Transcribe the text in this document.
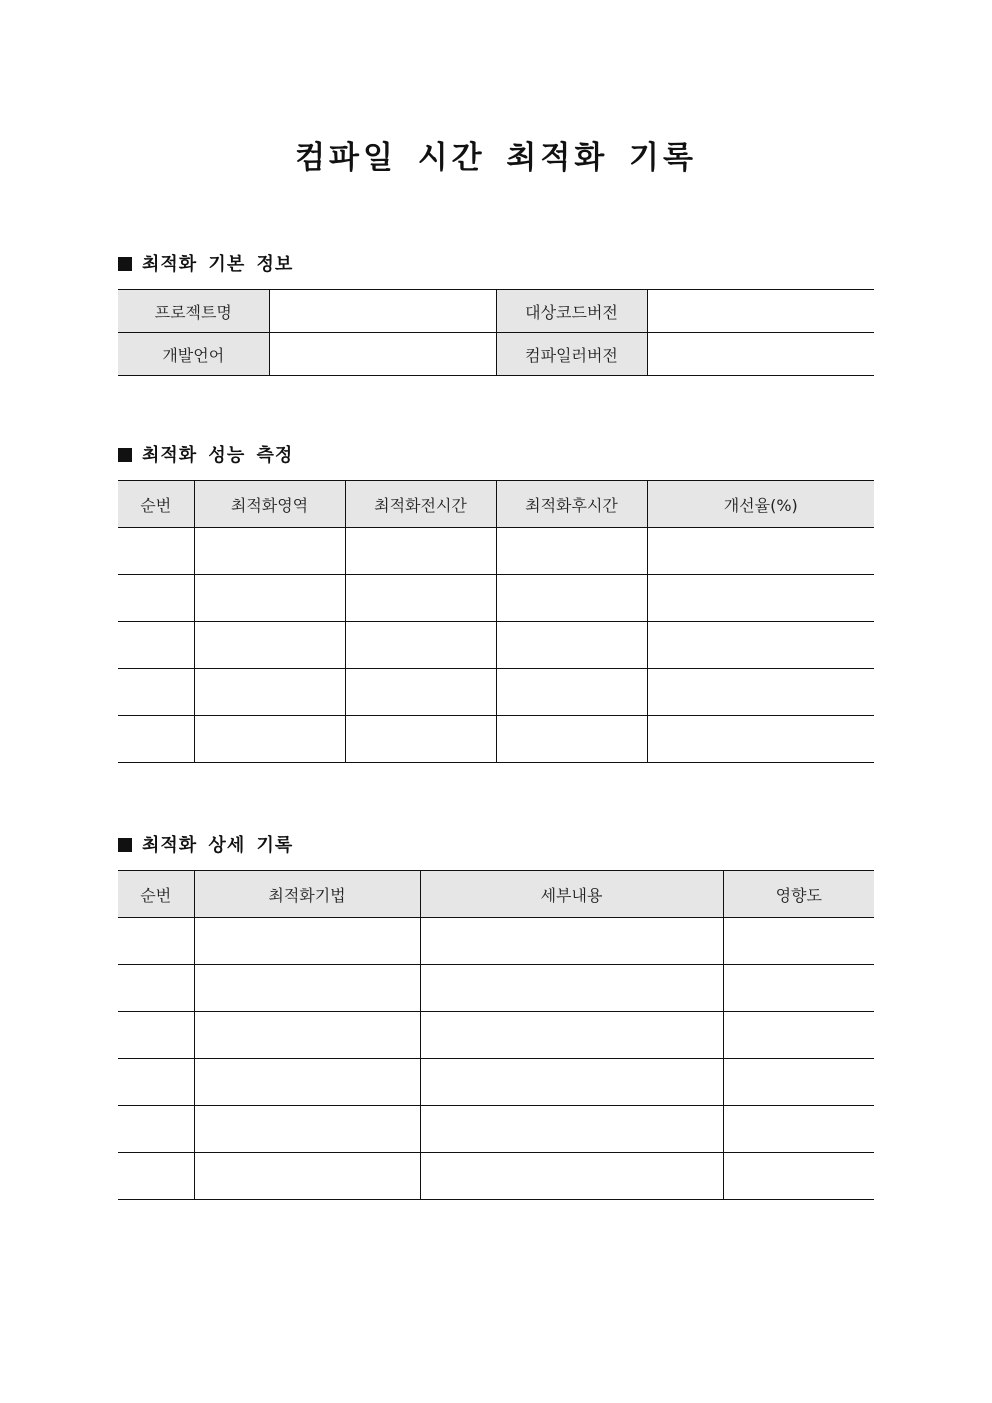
컴파일 시간 최적화 기록
최적화 기본 정보
프로젝트명		대상코드버전	
개발언어		컴파일러버전	
최적화 성능 측정
순번	최적화영역	최적화전시간	최적화후시간	개선율(%)

최적화 상세 기록
순번	최적화기법	세부내용	영향도
